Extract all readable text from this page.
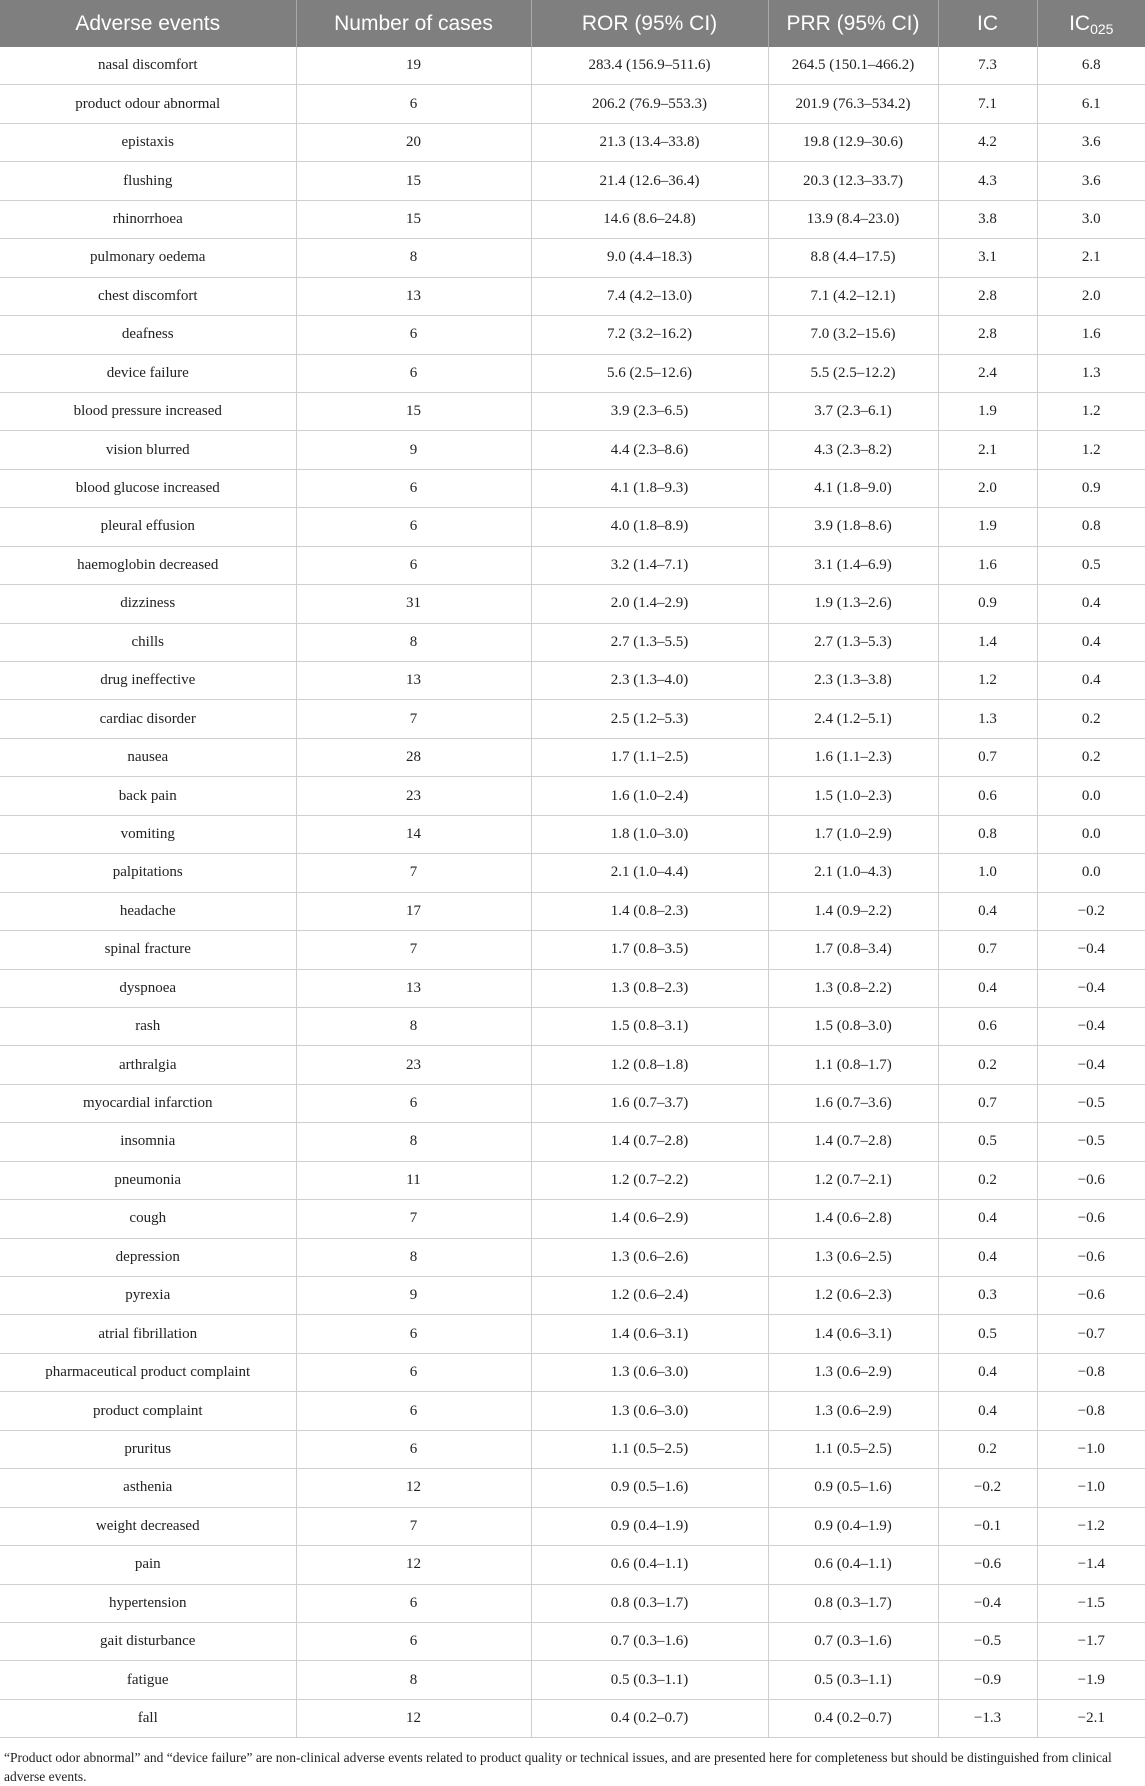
Adverse events	Number of cases	ROR (95% CI)	PRR (95% CI)	IC	$IC_{025}$
nasal discomfort	19	283.4 (156.9–511.6)	264.5 (150.1–466.2)	7.3	6.8
product odour abnormal	6	206.2 (76.9–553.3)	201.9 (76.3–534.2)	7.1	6.1
epistaxis	20	21.3 (13.4–33.8)	19.8 (12.9–30.6)	4.2	3.6
flushing	15	21.4 (12.6–36.4)	20.3 (12.3–33.7)	4.3	3.6
rhinorrhoea	15	14.6 (8.6–24.8)	13.9 (8.4–23.0)	3.8	3.0
pulmonary oedema	8	9.0 (4.4–18.3)	8.8 (4.4–17.5)	3.1	2.1
chest discomfort	13	7.4 (4.2–13.0)	7.1 (4.2–12.1)	2.8	2.0
deafness	6	7.2 (3.2–16.2)	7.0 (3.2–15.6)	2.8	1.6
device failure	6	5.6 (2.5–12.6)	5.5 (2.5–12.2)	2.4	1.3
blood pressure increased	15	3.9 (2.3–6.5)	3.7 (2.3–6.1)	1.9	1.2
vision blurred	9	4.4 (2.3–8.6)	4.3 (2.3–8.2)	2.1	1.2
blood glucose increased	6	4.1 (1.8–9.3)	4.1 (1.8–9.0)	2.0	0.9
pleural effusion	6	4.0 (1.8–8.9)	3.9 (1.8–8.6)	1.9	0.8
haemoglobin decreased	6	3.2 (1.4–7.1)	3.1 (1.4–6.9)	1.6	0.5
dizziness	31	2.0 (1.4–2.9)	1.9 (1.3–2.6)	0.9	0.4
chills	8	2.7 (1.3–5.5)	2.7 (1.3–5.3)	1.4	0.4
drug ineffective	13	2.3 (1.3–4.0)	2.3 (1.3–3.8)	1.2	0.4
cardiac disorder	7	2.5 (1.2–5.3)	2.4 (1.2–5.1)	1.3	0.2
nausea	28	1.7 (1.1–2.5)	1.6 (1.1–2.3)	0.7	0.2
back pain	23	1.6 (1.0–2.4)	1.5 (1.0–2.3)	0.6	0.0
vomiting	14	1.8 (1.0–3.0)	1.7 (1.0–2.9)	0.8	0.0
palpitations	7	2.1 (1.0–4.4)	2.1 (1.0–4.3)	1.0	0.0
headache	17	1.4 (0.8–2.3)	1.4 (0.9–2.2)	0.4	−0.2
spinal fracture	7	1.7 (0.8–3.5)	1.7 (0.8–3.4)	0.7	−0.4
dyspnoea	13	1.3 (0.8–2.3)	1.3 (0.8–2.2)	0.4	−0.4
rash	8	1.5 (0.8–3.1)	1.5 (0.8–3.0)	0.6	−0.4
arthralgia	23	1.2 (0.8–1.8)	1.1 (0.8–1.7)	0.2	−0.4
myocardial infarction	6	1.6 (0.7–3.7)	1.6 (0.7–3.6)	0.7	−0.5
insomnia	8	1.4 (0.7–2.8)	1.4 (0.7–2.8)	0.5	−0.5
pneumonia	11	1.2 (0.7–2.2)	1.2 (0.7–2.1)	0.2	−0.6
cough	7	1.4 (0.6–2.9)	1.4 (0.6–2.8)	0.4	−0.6
depression	8	1.3 (0.6–2.6)	1.3 (0.6–2.5)	0.4	−0.6
pyrexia	9	1.2 (0.6–2.4)	1.2 (0.6–2.3)	0.3	−0.6
atrial fibrillation	6	1.4 (0.6–3.1)	1.4 (0.6–3.1)	0.5	−0.7
pharmaceutical product complaint	6	1.3 (0.6–3.0)	1.3 (0.6–2.9)	0.4	−0.8
product complaint	6	1.3 (0.6–3.0)	1.3 (0.6–2.9)	0.4	−0.8
pruritus	6	1.1 (0.5–2.5)	1.1 (0.5–2.5)	0.2	−1.0
asthenia	12	0.9 (0.5–1.6)	0.9 (0.5–1.6)	−0.2	−1.0
weight decreased	7	0.9 (0.4–1.9)	0.9 (0.4–1.9)	−0.1	−1.2
pain	12	0.6 (0.4–1.1)	0.6 (0.4–1.1)	−0.6	−1.4
hypertension	6	0.8 (0.3–1.7)	0.8 (0.3–1.7)	−0.4	−1.5
gait disturbance	6	0.7 (0.3–1.6)	0.7 (0.3–1.6)	−0.5	−1.7
fatigue	8	0.5 (0.3–1.1)	0.5 (0.3–1.1)	−0.9	−1.9
fall	12	0.4 (0.2–0.7)	0.4 (0.2–0.7)	−1.3	−2.1

“Product odor abnormal” and “device failure” are non-clinical adverse events related to product quality or technical issues, and are presented here for completeness but should be distinguished from clinical adverse events.
